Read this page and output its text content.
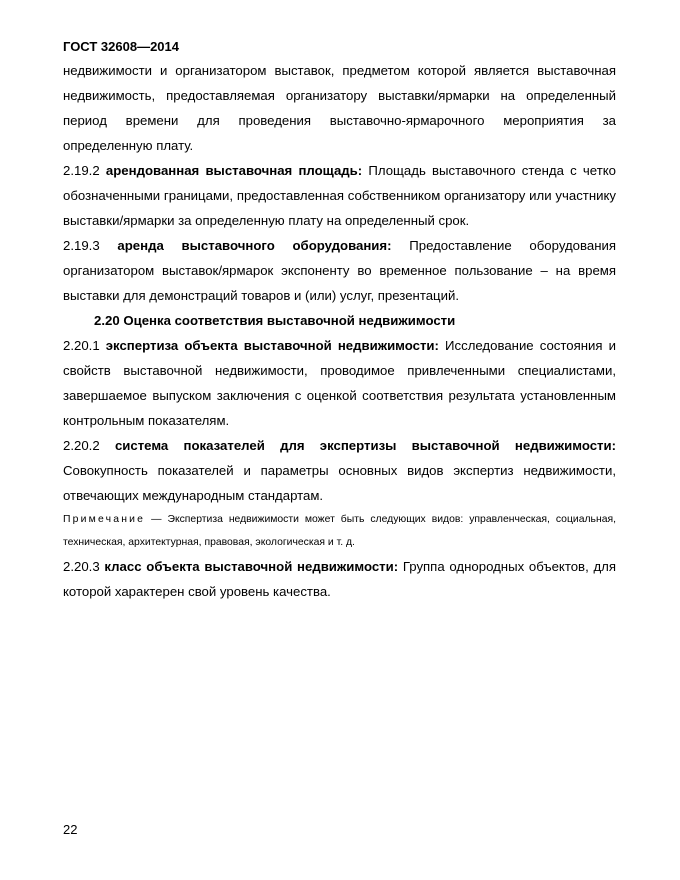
ГОСТ 32608—2014

недвижимости и организатором выставок, предметом которой является выставочная недвижимость, предоставляемая организатору выставки/ярмарки на определенный период времени для проведения выставочно-ярмарочного мероприятия за определенную плату.

2.19.2 арендованная выставочная площадь: Площадь выставочного стенда с четко обозначенными границами, предоставленная собственником организатору или участнику выставки/ярмарки за определенную плату на определенный срок.

2.19.3 аренда выставочного оборудования: Предоставление оборудования организатором выставок/ярмарок экспоненту во временное пользование – на время выставки для демонстраций товаров и (или) услуг, презентаций.

2.20 Оценка соответствия выставочной недвижимости

2.20.1 экспертиза объекта выставочной недвижимости: Исследование состояния и свойств выставочной недвижимости, проводимое привлеченными специалистами, завершаемое выпуском заключения с оценкой соответствия результата установленным контрольным показателям.

2.20.2 система показателей для экспертизы выставочной недвижимости: Совокупность показателей и параметры основных видов экспертиз недвижимости, отвечающих международным стандартам.

Примечание — Экспертиза недвижимости может быть следующих видов: управленческая, социальная, техническая, архитектурная, правовая, экологическая и т. д.

2.20.3 класс объекта выставочной недвижимости: Группа однородных объектов, для которой характерен свой уровень качества.

22
